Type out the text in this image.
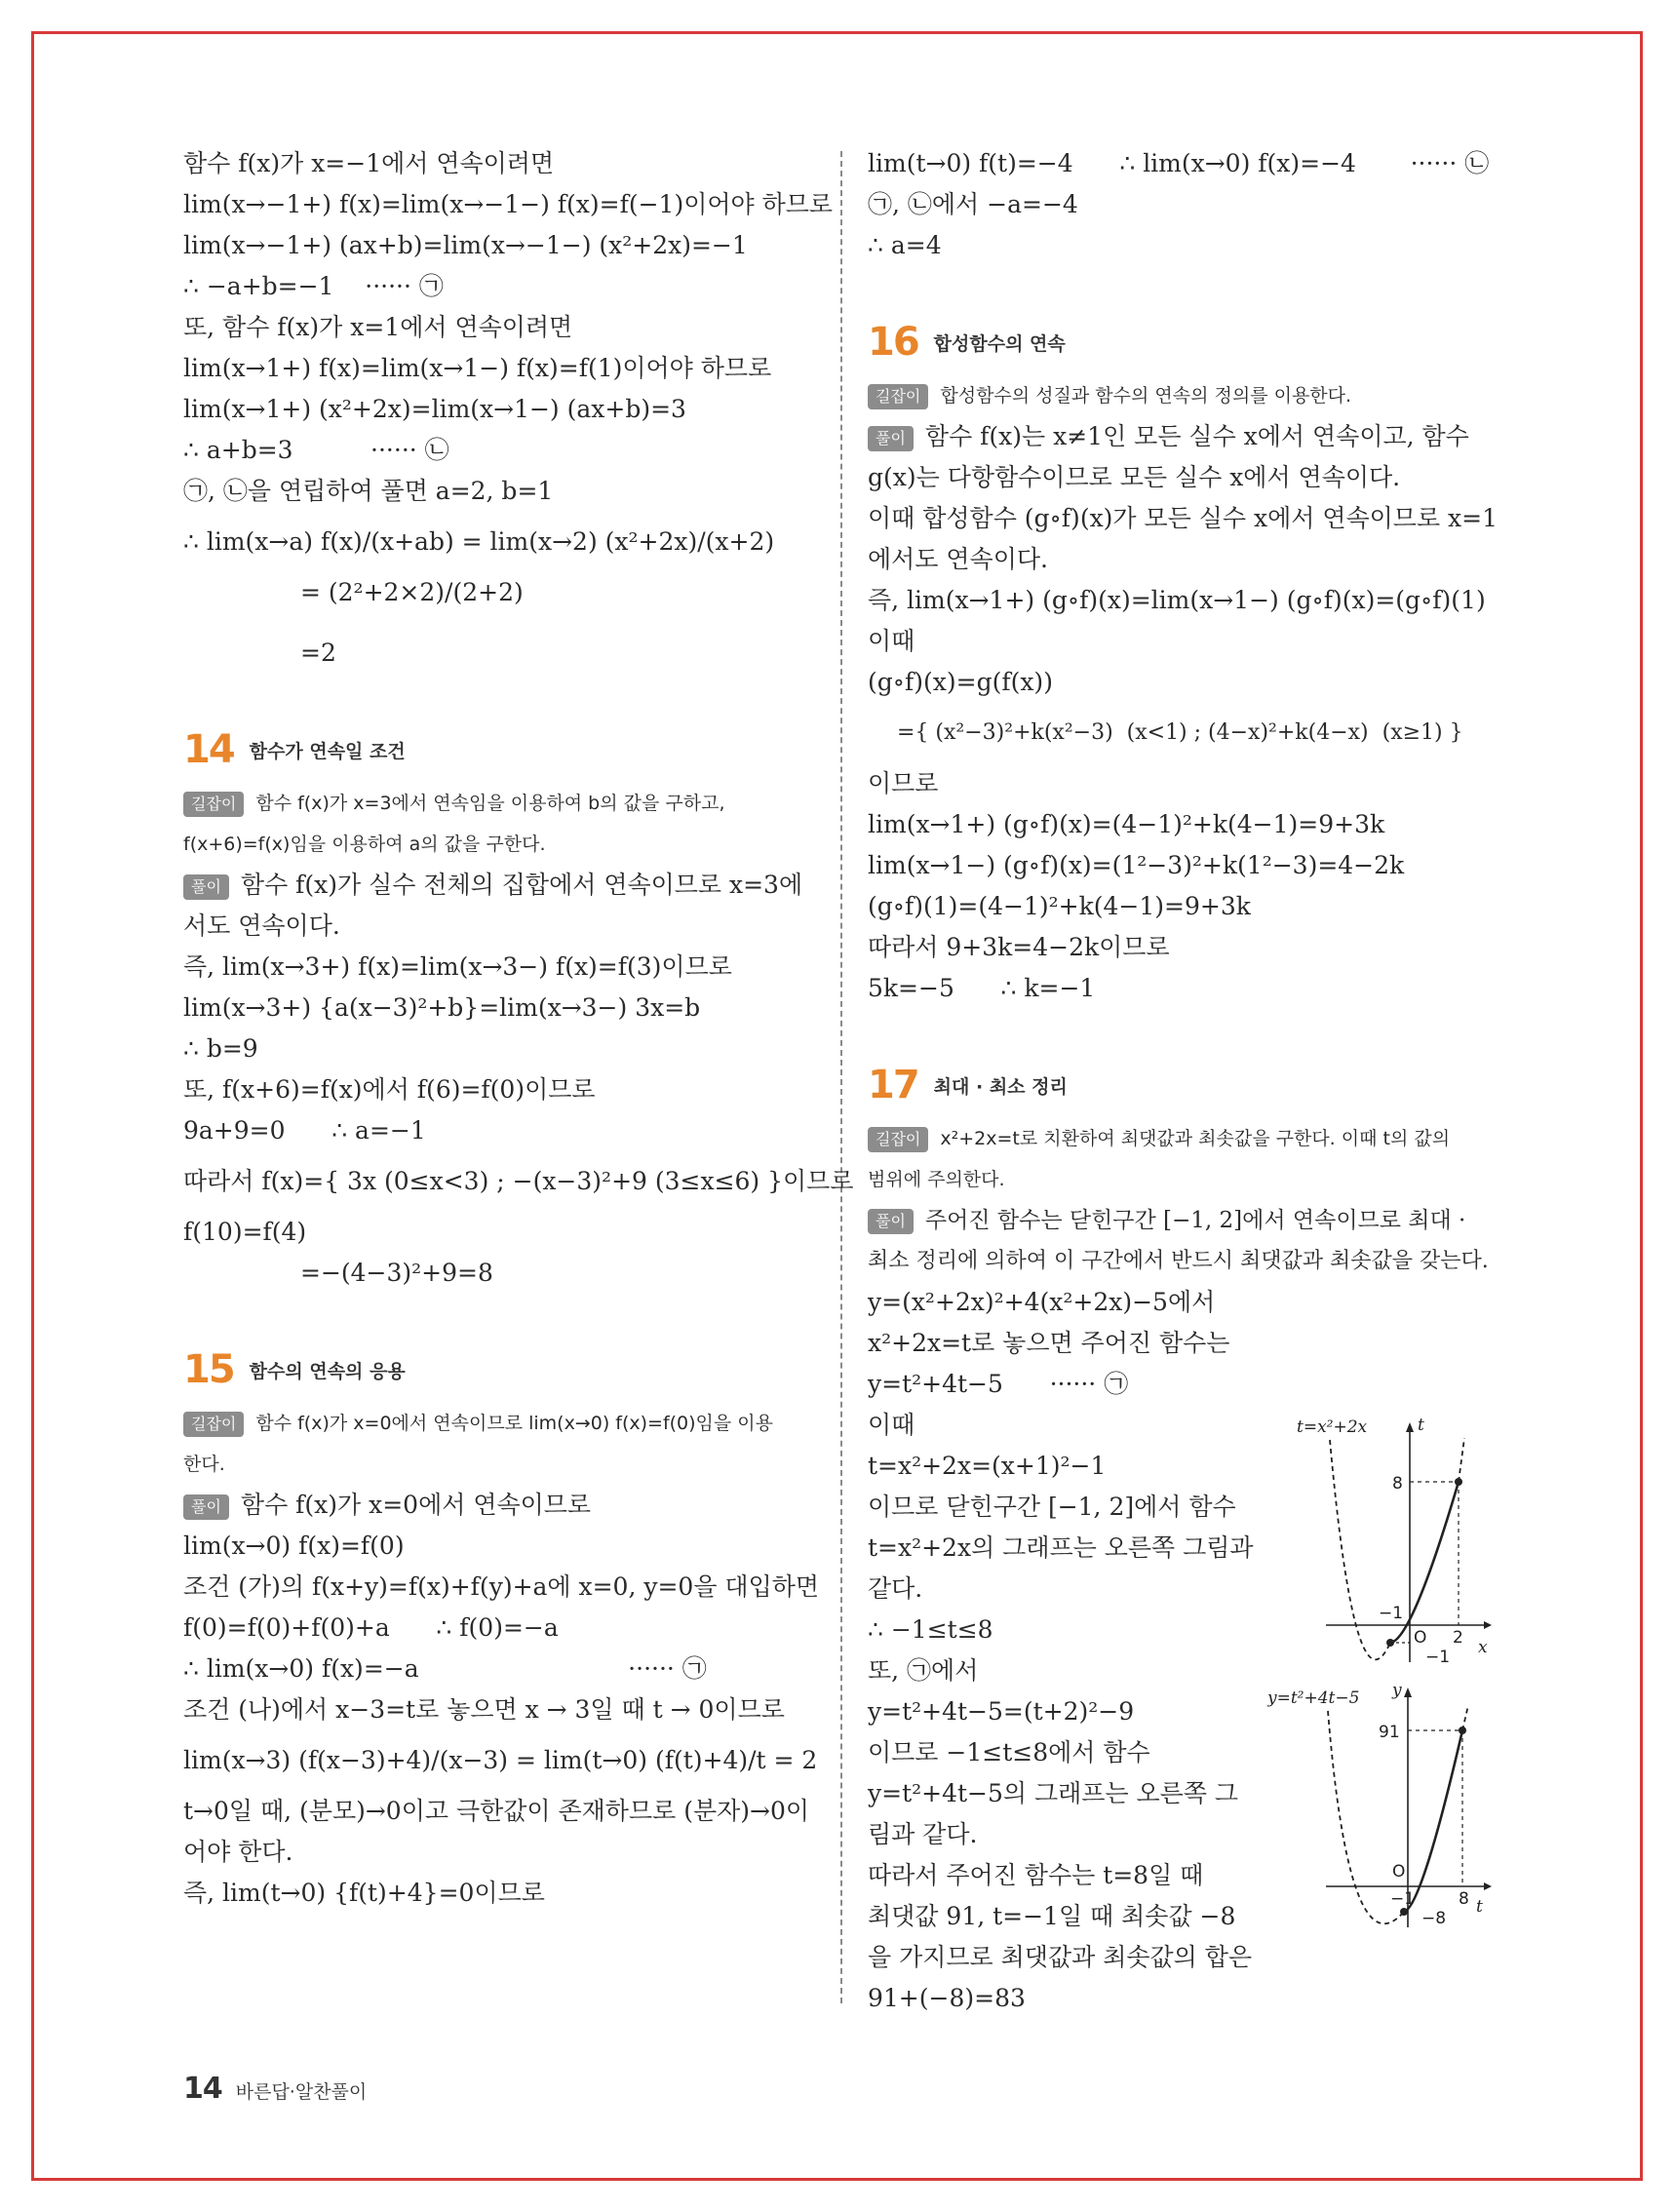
함수 f(x)가 x=−1에서 연속이려면
lim(x→−1+) f(x)=lim(x→−1−) f(x)=f(−1)이어야 하므로
lim(x→−1+) (ax+b)=lim(x→−1−) (x²+2x)=−1
∴ −a+b=−1    ······ ㉠
또, 함수 f(x)가 x=1에서 연속이려면
lim(x→1+) f(x)=lim(x→1−) f(x)=f(1)이어야 하므로
lim(x→1+) (x²+2x)=lim(x→1−) (ax+b)=3
∴ a+b=3          ······ ㉡
㉠, ㉡을 연립하여 풀면 a=2, b=1
∴ lim(x→a) f(x)/(x+ab) = lim(x→2) (x²+2x)/(x+2)
= (2²+2×2)/(2+2)
=2
14 함수가 연속일 조건
길잡이 함수 f(x)가 x=3에서 연속임을 이용하여 b의 값을 구하고,
f(x+6)=f(x)임을 이용하여 a의 값을 구한다.
풀이 함수 f(x)가 실수 전체의 집합에서 연속이므로 x=3에
서도 연속이다.
즉, lim(x→3+) f(x)=lim(x→3−) f(x)=f(3)이므로
lim(x→3+) {a(x−3)²+b}=lim(x→3−) 3x=b
∴ b=9
또, f(x+6)=f(x)에서 f(6)=f(0)이므로
9a+9=0      ∴ a=−1
따라서 f(x)={ 3x (0≤x<3) ; −(x−3)²+9 (3≤x≤6) }이므로
f(10)=f(4)
=−(4−3)²+9=8
15 함수의 연속의 응용
길잡이 함수 f(x)가 x=0에서 연속이므로 lim(x→0) f(x)=f(0)임을 이용
한다.
풀이 함수 f(x)가 x=0에서 연속이므로
lim(x→0) f(x)=f(0)
조건 (가)의 f(x+y)=f(x)+f(y)+a에 x=0, y=0을 대입하면
f(0)=f(0)+f(0)+a      ∴ f(0)=−a
∴ lim(x→0) f(x)=−a                           ······ ㉠
조건 (나)에서 x−3=t로 놓으면 x → 3일 때 t → 0이므로
lim(x→3) (f(x−3)+4)/(x−3) = lim(t→0) (f(t)+4)/t = 2
t→0일 때, (분모)→0이고 극한값이 존재하므로 (분자)→0이
어야 한다.
즉, lim(t→0) {f(t)+4}=0이므로
lim(t→0) f(t)=−4      ∴ lim(x→0) f(x)=−4       ······ ㉡
㉠, ㉡에서 −a=−4
∴ a=4
16 합성함수의 연속
길잡이 합성함수의 성질과 함수의 연속의 정의를 이용한다.
풀이 함수 f(x)는 x≠1인 모든 실수 x에서 연속이고, 함수
g(x)는 다항함수이므로 모든 실수 x에서 연속이다.
이때 합성함수 (g∘f)(x)가 모든 실수 x에서 연속이므로 x=1
에서도 연속이다.
즉, lim(x→1+) (g∘f)(x)=lim(x→1−) (g∘f)(x)=(g∘f)(1)
이때
(g∘f)(x)=g(f(x))
={ (x²−3)²+k(x²−3)  (x<1) ; (4−x)²+k(4−x)  (x≥1) }
이므로
lim(x→1+) (g∘f)(x)=(4−1)²+k(4−1)=9+3k
lim(x→1−) (g∘f)(x)=(1²−3)²+k(1²−3)=4−2k
(g∘f)(1)=(4−1)²+k(4−1)=9+3k
따라서 9+3k=4−2k이므로
5k=−5      ∴ k=−1
17 최대 · 최소 정리
길잡이 x²+2x=t로 치환하여 최댓값과 최솟값을 구한다. 이때 t의 값의
범위에 주의한다.
풀이 주어진 함수는 닫힌구간 [−1, 2]에서 연속이므로 최대 ·
최소 정리에 의하여 이 구간에서 반드시 최댓값과 최솟값을 갖는다.
y=(x²+2x)²+4(x²+2x)−5에서
x²+2x=t로 놓으면 주어진 함수는
y=t²+4t−5      ······ ㉠
이때
t=x²+2x=(x+1)²−1
이므로 닫힌구간 [−1, 2]에서 함수
t=x²+2x의 그래프는 오른쪽 그림과
같다.
∴ −1≤t≤8
또, ㉠에서
y=t²+4t−5=(t+2)²−9
이므로 −1≤t≤8에서 함수
y=t²+4t−5의 그래프는 오른쪽 그
림과 같다.
따라서 주어진 함수는 t=8일 때
최댓값 91, t=−1일 때 최솟값 −8
을 가지므로 최댓값과 최솟값의 합은
91+(−8)=83
t=x²+2x	t
x
8
−1
O 2
−1
y=t²+4t−5 y
t
91
O
−1	8
−8
14 바른답·알찬풀이
